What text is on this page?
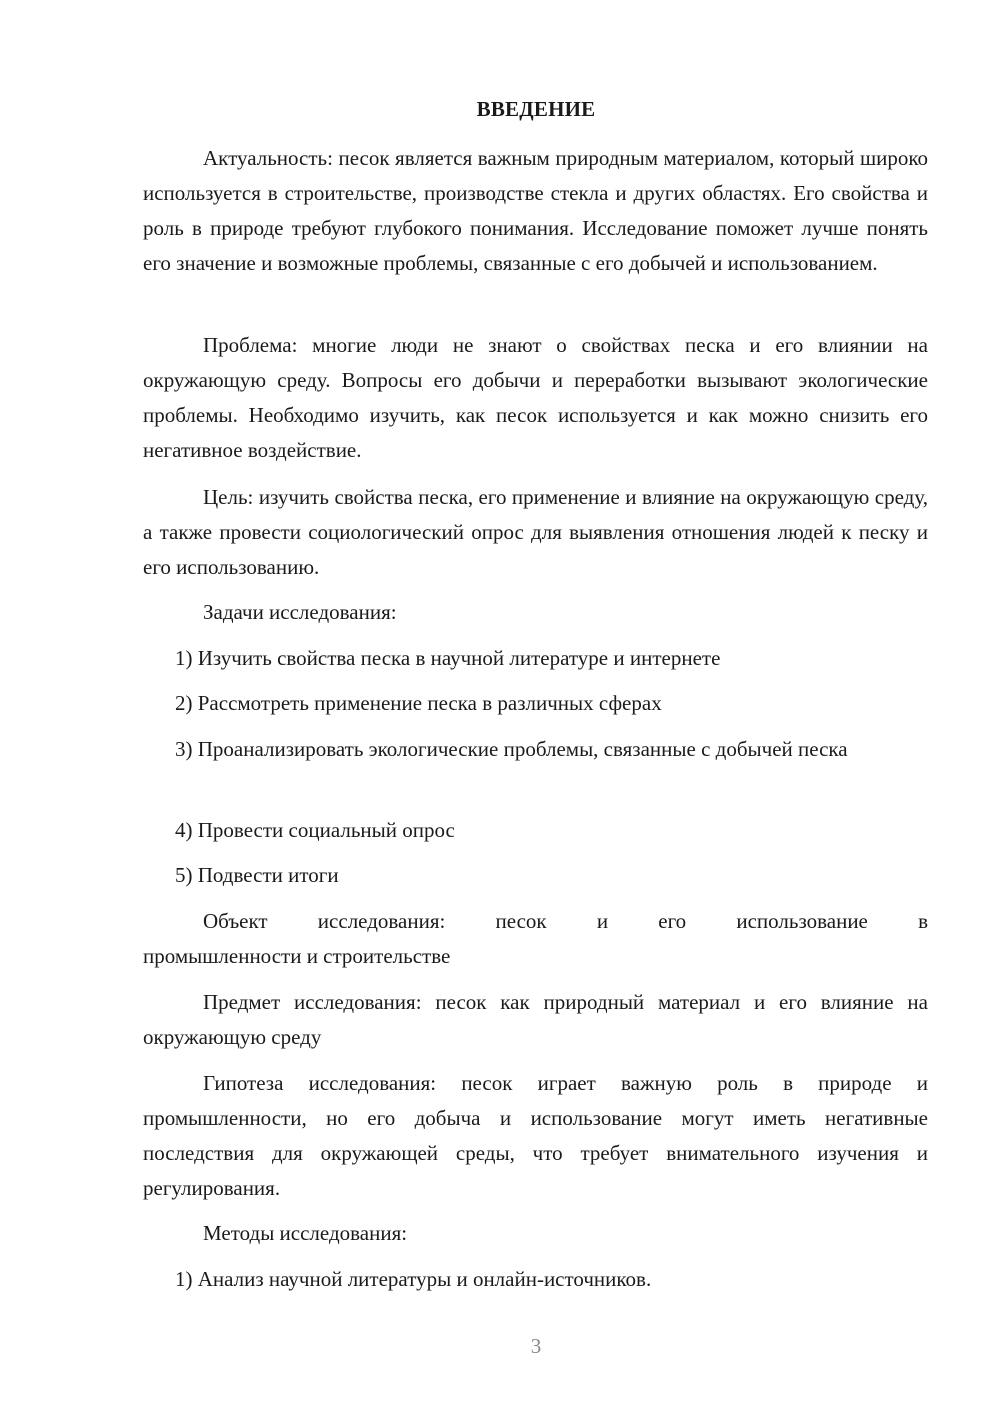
ВВЕДЕНИЕ

Актуальность: песок является важным природным материалом, который широко используется в строительстве, производстве стекла и других областях. Его свойства и роль в природе требуют глубокого понимания. Исследование поможет лучше понять его значение и возможные проблемы, связанные с его добычей и использованием.

Проблема: многие люди не знают о свойствах песка и его влиянии на окружающую среду. Вопросы его добычи и переработки вызывают экологические проблемы. Необходимо изучить, как песок используется и как можно снизить его негативное воздействие.

Цель: изучить свойства песка, его применение и влияние на окружающую среду, а также провести социологический опрос для выявления отношения людей к песку и его использованию.

Задачи исследования:
1) Изучить свойства песка в научной литературе и интернете
2) Рассмотреть применение песка в различных сферах

3) Проанализировать экологические проблемы, связанные с добычей песка

4) Провести социальный опрос
5) Подвести итоги
Объект исследования: песок и его использование в
промышленности и строительстве

Предмет исследования: песок как природный материал и его влияние на окружающую среду

Гипотеза исследования: песок играет важную роль в природе и промышленности, но его добыча и использование могут иметь негативные последствия для окружающей среды, что требует внимательного изучения и регулирования.

Методы исследования:
1) Анализ научной литературы и онлайн-источников.
3
